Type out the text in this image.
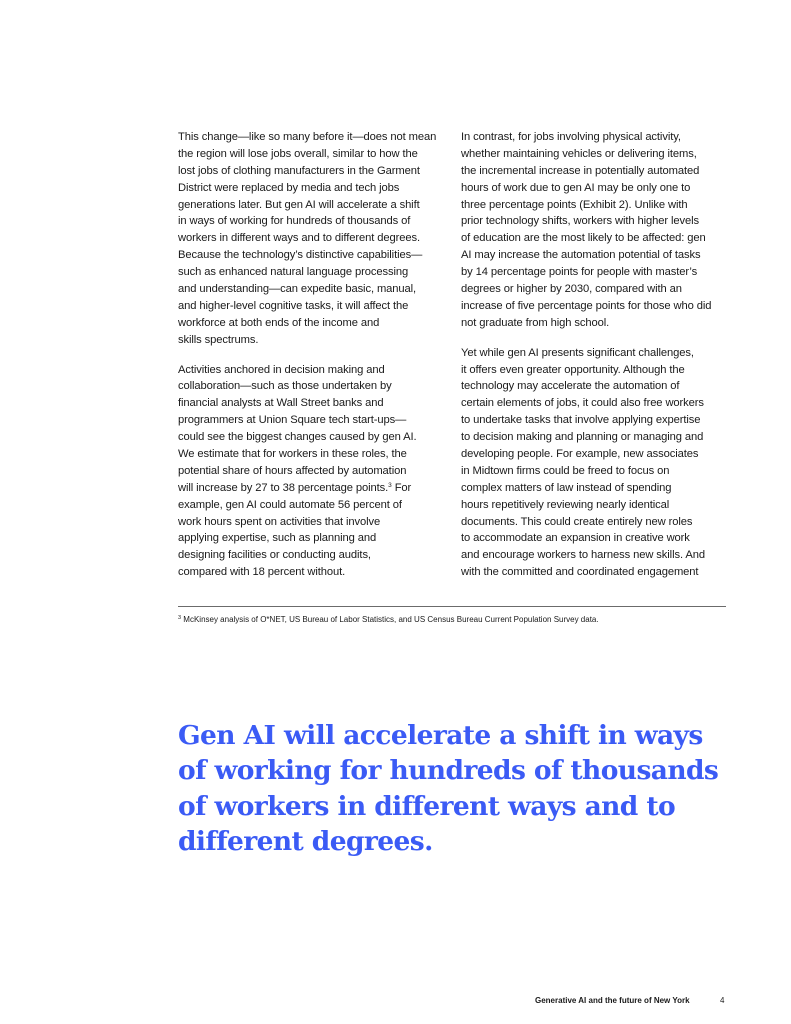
This change—like so many before it—does not mean
the region will lose jobs overall, similar to how the
lost jobs of clothing manufacturers in the Garment
District were replaced by media and tech jobs
generations later. But gen AI will accelerate a shift
in ways of working for hundreds of thousands of
workers in different ways and to different degrees.
Because the technology’s distinctive capabilities—
such as enhanced natural language processing
and understanding—can expedite basic, manual,
and higher-level cognitive tasks, it will affect the
workforce at both ends of the income and
skills spectrums.
Activities anchored in decision making and
collaboration—such as those undertaken by
financial analysts at Wall Street banks and
programmers at Union Square tech start-ups—
could see the biggest changes caused by gen AI.
We estimate that for workers in these roles, the
potential share of hours affected by automation
will increase by 27 to 38 percentage points.$^3$ For
example, gen AI could automate 56 percent of
work hours spent on activities that involve
applying expertise, such as planning and
designing facilities or conducting audits,
compared with 18 percent without.
In contrast, for jobs involving physical activity,
whether maintaining vehicles or delivering items,
the incremental increase in potentially automated
hours of work due to gen AI may be only one to
three percentage points (Exhibit 2). Unlike with
prior technology shifts, workers with higher levels
of education are the most likely to be affected: gen
AI may increase the automation potential of tasks
by 14 percentage points for people with master’s
degrees or higher by 2030, compared with an
increase of five percentage points for those who did
not graduate from high school.
Yet while gen AI presents significant challenges,
it offers even greater opportunity. Although the
technology may accelerate the automation of
certain elements of jobs, it could also free workers
to undertake tasks that involve applying expertise
to decision making and planning or managing and
developing people. For example, new associates
in Midtown firms could be freed to focus on
complex matters of law instead of spending
hours repetitively reviewing nearly identical
documents. This could create entirely new roles
to accommodate an expansion in creative work
and encourage workers to harness new skills. And
with the committed and coordinated engagement
$^3$ McKinsey analysis of O*NET, US Bureau of Labor Statistics, and US Census Bureau Current Population Survey data.
Gen AI will accelerate a shift in ways
of working for hundreds of thousands
of workers in different ways and to
different degrees.
Generative AI and the future of New York	4
